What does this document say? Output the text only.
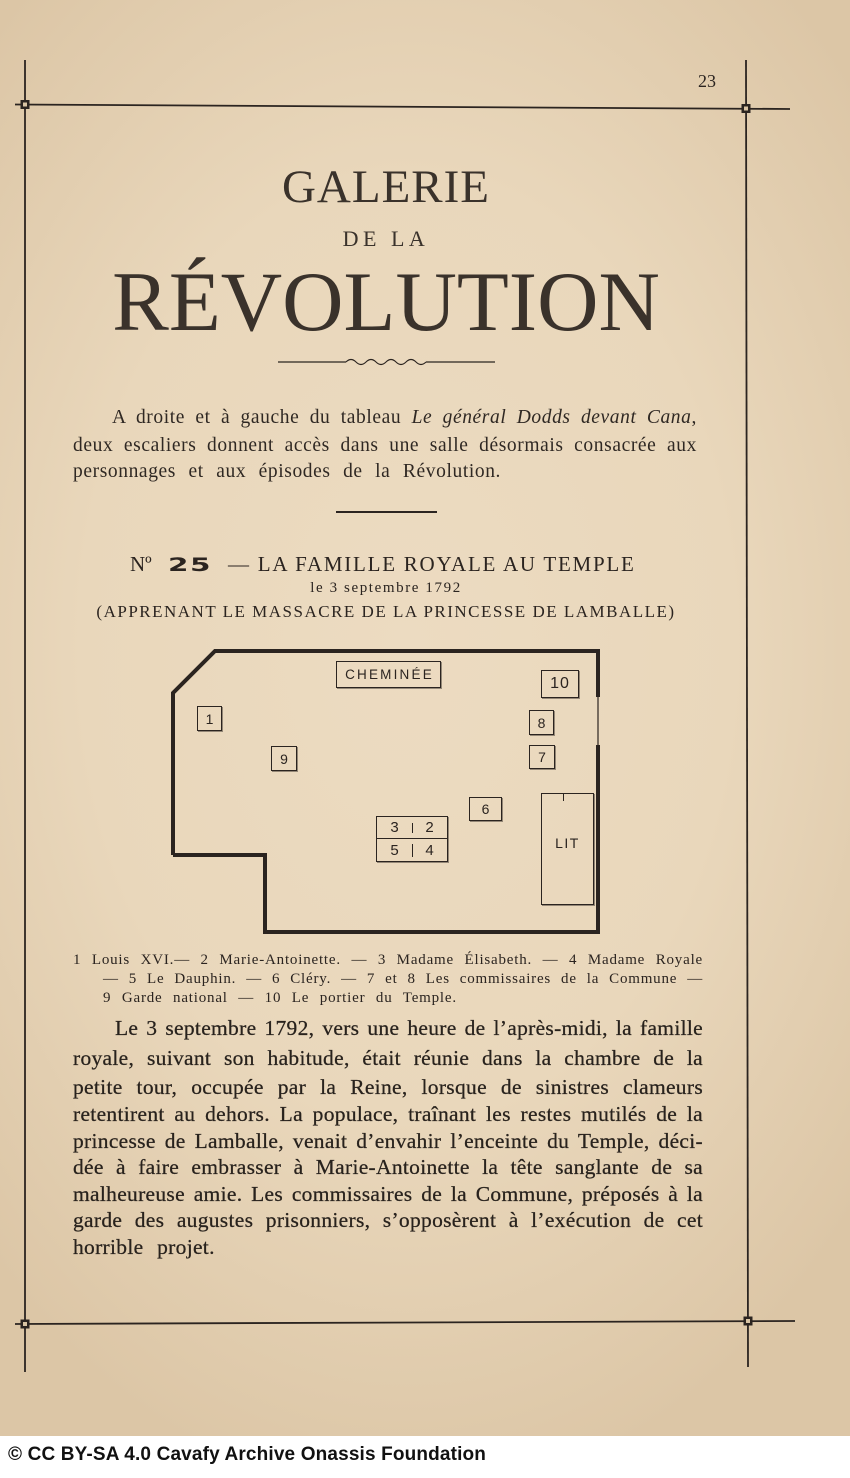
23
GALERIE
DE LA
RÉVOLUTION
A droite et à gauche du tableau Le général Dodds devant Cana,
deux escaliers donnent accès dans une salle désormais consacrée aux
personnages et aux épisodes de la Révolution.
Nº 25 — LA FAMILLE ROYALE AU TEMPLE
le 3 septembre 1792
(APPRENANT LE MASSACRE DE LA PRINCESSE DE LAMBALLE)
CHEMINÉE
10
1	8
9	7
6
3	2
5	4	LIT
1 Louis XVI.— 2 Marie-Antoinette. — 3 Madame Élisabeth. — 4 Madame Royale
— 5 Le Dauphin. — 6 Cléry. — 7 et 8 Les commissaires de la Commune —
9 Garde national — 10 Le portier du Temple.
Le 3 septembre 1792, vers une heure de l’après-midi, la famille
royale, suivant son habitude, était réunie dans la chambre de la
petite tour, occupée par la Reine, lorsque de sinistres clameurs
retentirent au dehors. La populace, traînant les restes mutilés de la
princesse de Lamballe, venait d’envahir l’enceinte du Temple, déci-
dée à faire embrasser à Marie-Antoinette la tête sanglante de sa
malheureuse amie. Les commissaires de la Commune, préposés à la
garde des augustes prisonniers, s’opposèrent à l’exécution de cet
horrible projet.
© CC BY-SA 4.0 Cavafy Archive Onassis Foundation
